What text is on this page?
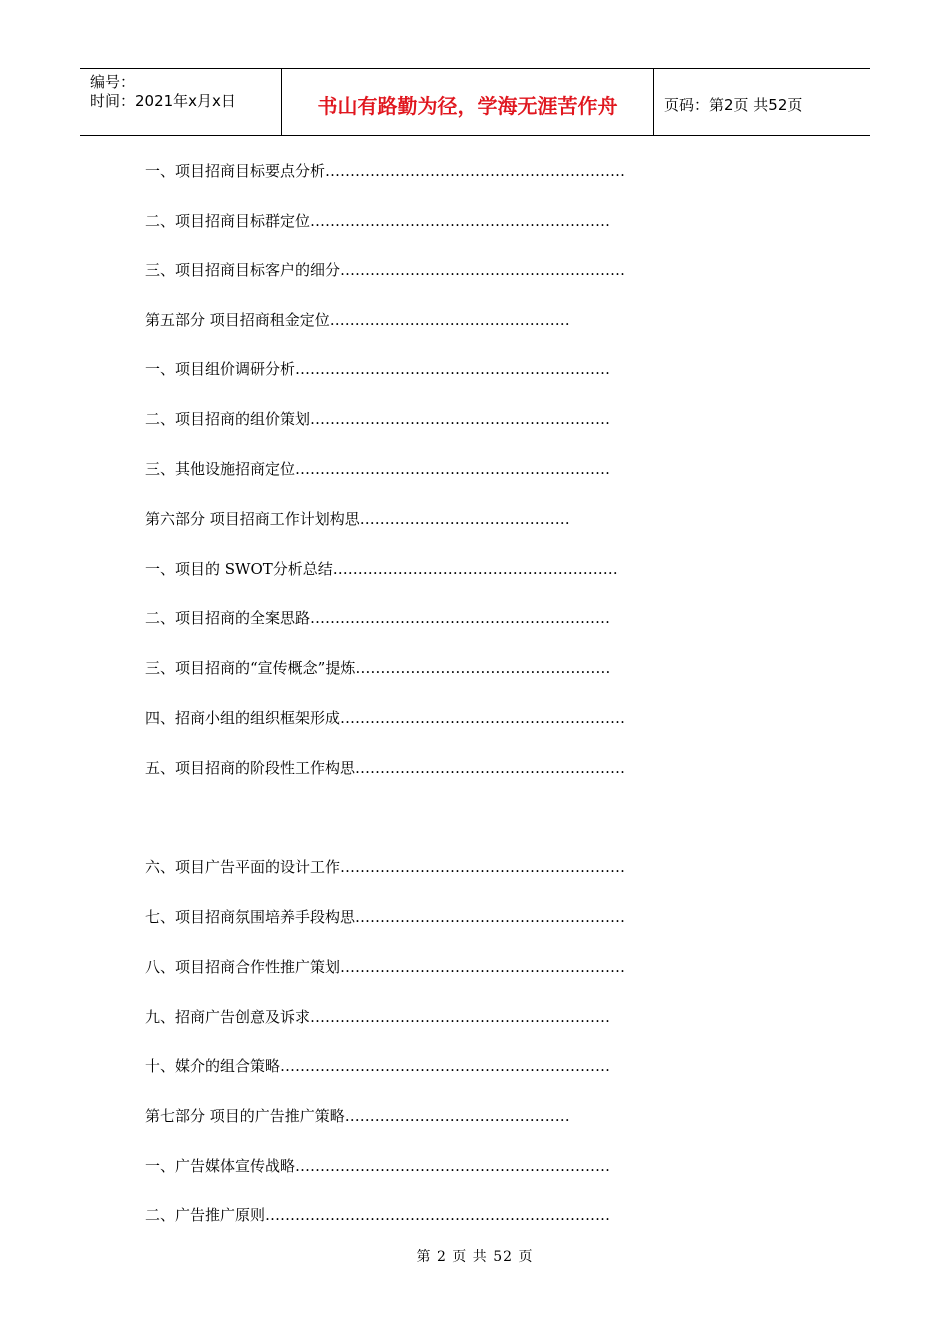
编号：
时间：2021年x月x日	书山有路勤为径，学海无涯苦作舟	页码：第2页 共52页
一、项目招商目标要点分析……………………………………………………
二、项目招商目标群定位……………………………………………………
三、项目招商目标客户的细分…………………………………………………
第五部分 项目招商租金定位…………………………………………
一、项目组价调研分析………………………………………………………
二、项目招商的组价策划……………………………………………………
三、其他设施招商定位………………………………………………………
第六部分 项目招商工作计划构思……………………………………
一、项目的 SWOT分析总结…………………………………………………
二、项目招商的全案思路……………………………………………………
三、项目招商的“宣传概念”提炼……………………………………………
四、招商小组的组织框架形成…………………………………………………
五、项目招商的阶段性工作构思………………………………………………
六、项目广告平面的设计工作…………………………………………………
七、项目招商氛围培养手段构思………………………………………………
八、项目招商合作性推广策划…………………………………………………
九、招商广告创意及诉求……………………………………………………
十、媒介的组合策略…………………………………………………………
第七部分 项目的广告推广策略………………………………………
一、广告媒体宣传战略………………………………………………………
二、广告推广原则……………………………………………………………
第 2 页 共 52 页
